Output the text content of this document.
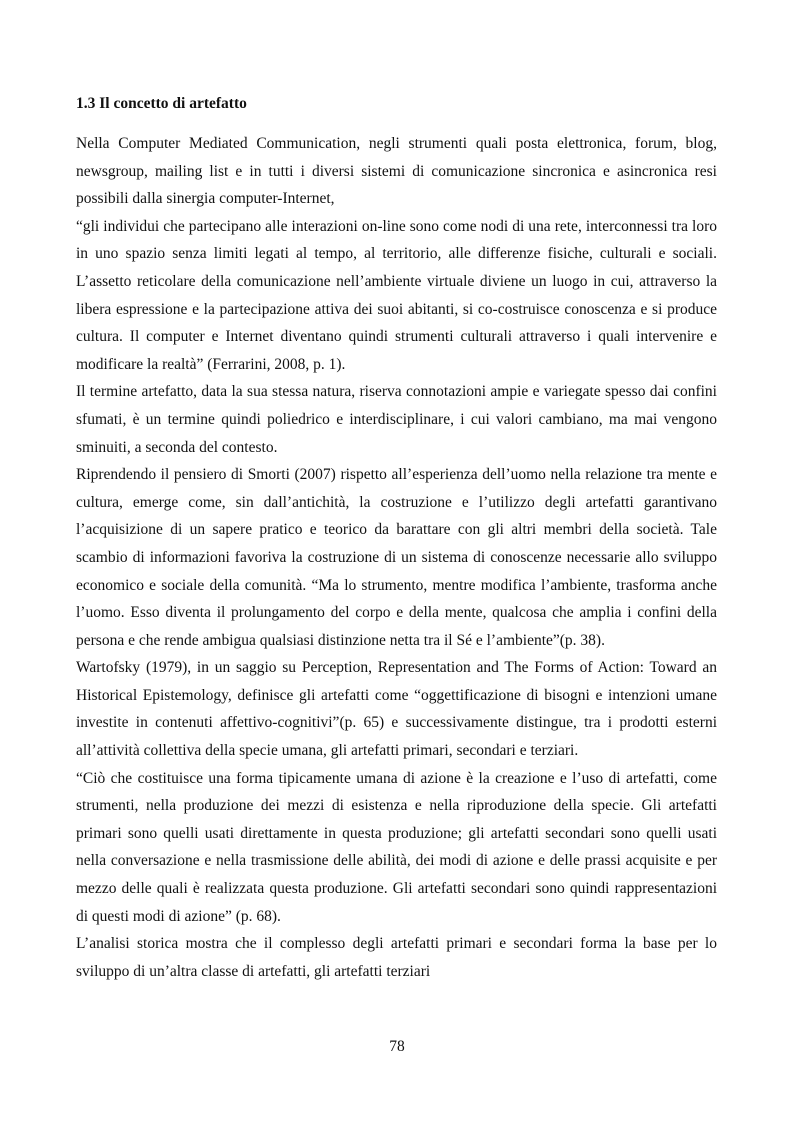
1.3 Il concetto di artefatto

Nella Computer Mediated Communication, negli strumenti quali posta elettronica, forum, blog, newsgroup, mailing list e in tutti i diversi sistemi di comunicazione sincronica e asincronica resi possibili dalla sinergia computer-Internet,

“gli individui che partecipano alle interazioni on-line sono come nodi di una rete, interconnessi tra loro in uno spazio senza limiti legati al tempo, al territorio, alle differenze fisiche, culturali e sociali. L’assetto reticolare della comunicazione nell’ambiente virtuale diviene un luogo in cui, attraverso la libera espressione e la partecipazione attiva dei suoi abitanti, si co-costruisce conoscenza e si produce cultura. Il computer e Internet diventano quindi strumenti culturali attraverso i quali intervenire e modificare la realtà” (Ferrarini, 2008, p. 1).

Il termine artefatto, data la sua stessa natura, riserva connotazioni ampie e variegate spesso dai confini sfumati, è un termine quindi poliedrico e interdisciplinare, i cui valori cambiano, ma mai vengono sminuiti, a seconda del contesto.

Riprendendo il pensiero di Smorti (2007) rispetto all’esperienza dell’uomo nella relazione tra mente e cultura, emerge come, sin dall’antichità, la costruzione e l’utilizzo degli artefatti garantivano l’acquisizione di un sapere pratico e teorico da barattare con gli altri membri della società. Tale scambio di informazioni favoriva la costruzione di un sistema di conoscenze necessarie allo sviluppo economico e sociale della comunità. “Ma lo strumento, mentre modifica l’ambiente, trasforma anche l’uomo. Esso diventa il prolungamento del corpo e della mente, qualcosa che amplia i confini della persona e che rende ambigua qualsiasi distinzione netta tra il Sé e l’ambiente”(p. 38).

Wartofsky (1979), in un saggio su Perception, Representation and The Forms of Action: Toward an Historical Epistemology, definisce gli artefatti come “oggettificazione di bisogni e intenzioni umane investite in contenuti affettivo-cognitivi”(p. 65) e successivamente distingue, tra i prodotti esterni all’attività collettiva della specie umana, gli artefatti primari, secondari e terziari.

“Ciò che costituisce una forma tipicamente umana di azione è la creazione e l’uso di artefatti, come strumenti, nella produzione dei mezzi di esistenza e nella riproduzione della specie. Gli artefatti primari sono quelli usati direttamente in questa produzione; gli artefatti secondari sono quelli usati nella conversazione e nella trasmissione delle abilità, dei modi di azione e delle prassi acquisite e per mezzo delle quali è realizzata questa produzione. Gli artefatti secondari sono quindi rappresentazioni di questi modi di azione” (p. 68).

L’analisi storica mostra che il complesso degli artefatti primari e secondari forma la base per lo sviluppo di un’altra classe di artefatti, gli artefatti terziari

78
